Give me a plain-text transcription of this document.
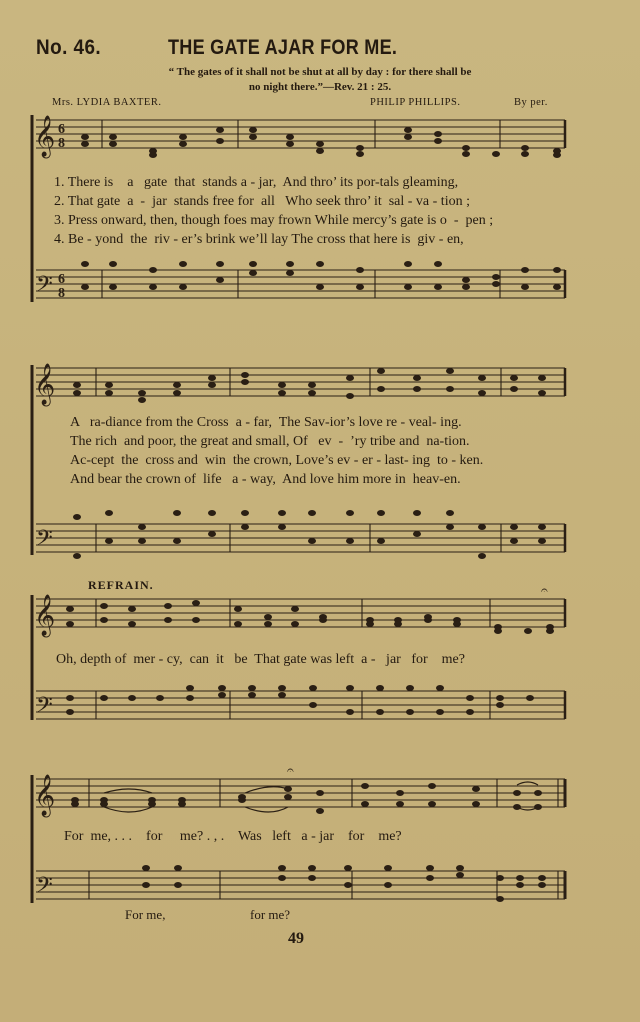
No. 46.	THE GATE AJAR FOR ME.
“ The gates of it shall not be shut at all by day : for there shall be
no night there.”—Rev. 21 : 25.
Mrs. LYDIA BAXTER.	PHILIP PHILLIPS.	By per.
𝄞 6
8
𝄢 6
8
1. There is    a   gate  that  stands a - jar,  And thro’ its por-tals gleaming,
2. That gate  a  -  jar  stands free for  all   Who seek thro’ it  sal - va - tion ;
3. Press onward, then, though foes may frown While mercy’s gate is o  -  pen ;
4. Be - yond  the  riv - er’s brink we’ll lay The cross that here is  giv - en,
𝄞
𝄢
A   ra-diance from the Cross  a - far,  The Sav-ior’s love re - veal- ing.
The rich  and poor, the great and small, Of   ev  -  ’ry tribe and  na-tion.
Ac-cept  the  cross and  win  the crown, Love’s ev - er - last- ing  to - ken.
And bear the crown of  life   a - way,  And love him more in  heav-en.
REFRAIN.
𝄞
𝄢
𝄐
Oh, depth of  mer - cy,  can  it   be  That gate was left  a -   jar   for    me?
𝄞
𝄢
𝄐
For  me, . . .    for     me? . , .    Was   left   a - jar    for    me?
For me,	for me?
49
